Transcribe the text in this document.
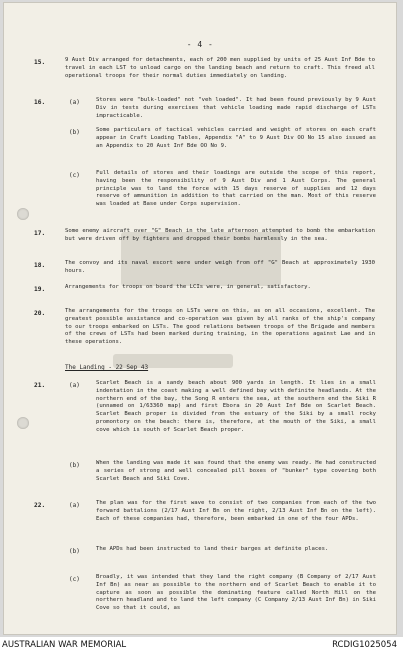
- 4 -
15.	9 Aust Div arranged for detachments, each of 200 men supplied by units of 25 Aust Inf Bde to travel in each LST to unload cargo on the landing beach and return to craft. This freed all operational troops for their normal duties immediately on landing.

16.	(a)	Stores were "bulk-loaded" not "veh loaded". It had been found previously by 9 Aust Div in tests during exercises that vehicle loading made rapid discharge of LSTs impracticable.

(b)	Some particulars of tactical vehicles carried and weight of stores on each craft appear in Craft Loading Tables, Appendix "A" to 9 Aust Div OO No 15 also issued as an Appendix to 20 Aust Inf Bde OO No 9.

(c)	Full details of stores and their loadings are outside the scope of this report, having been the responsibility of 9 Aust Div and 1 Aust Corps. The general principle was to land the force with 15 days reserve of supplies and 12 days reserve of ammunition in addition to that carried on the man. Most of this reserve was loaded at Base under Corps supervision.

17.	Some enemy aircraft over "G" Beach in the late afternoon attempted to bomb the embarkation but were driven off by fighters and dropped their bombs harmlessly in the sea.

18.	The convoy and its naval escort were under weigh from off "G" Beach at approximately 1930 hours.

19.	Arrangements for troops on board the LCIs were, in general, satisfactory.

20.	The arrangements for the troops on LSTs were on this, as on all occasions, excellent. The greatest possible assistance and co-operation was given by all ranks of the ship's company to our troops embarked on LSTs. The good relations between troops of the Brigade and members of the crews of LSTs had been marked during training, in the operations against Lae and in these operations.

The Landing - 22 Sep 43
21.	(a)	Scarlet Beach is a sandy beach about 900 yards in length. It lies in a small indentation in the coast making a well defined bay with definite headlands. At the northern end of the bay, the Song R enters the sea, at the southern end the Siki R (unnamed on 1/63360 map) and first Ebora in 20 Aust Inf Bde on Scarlet Beach. Scarlet Beach proper is divided from the estuary of the Siki by a small rocky promontory on the beach: there is, therefore, at the mouth of the Siki, a small cove which is south of Scarlet Beach proper.

(b)	When the landing was made it was found that the enemy was ready. He had constructed a series of strong and well concealed pill boxes of "bunker" type covering both Scarlet Beach and Siki Cove.

22.	(a)	The plan was for the first wave to consist of two companies from each of the two forward battalions (2/17 Aust Inf Bn on the right, 2/13 Aust Inf Bn on the left). Each of these companies had, therefore, been embarked in one of the four APDs.

(b)	The APDs had been instructed to land their barges at definite places.

(c)	Broadly, it was intended that they land the right company (B Company of 2/17 Aust Inf Bn) as near as possible to the northern end of Scarlet Beach to enable it to capture as soon as possible the dominating feature called North Hill on the northern headland and to land the left company (C Company 2/13 Aust Inf Bn) in Siki Cove so that it could, as

AUSTRALIAN WAR MEMORIAL	RCDIG1025054
